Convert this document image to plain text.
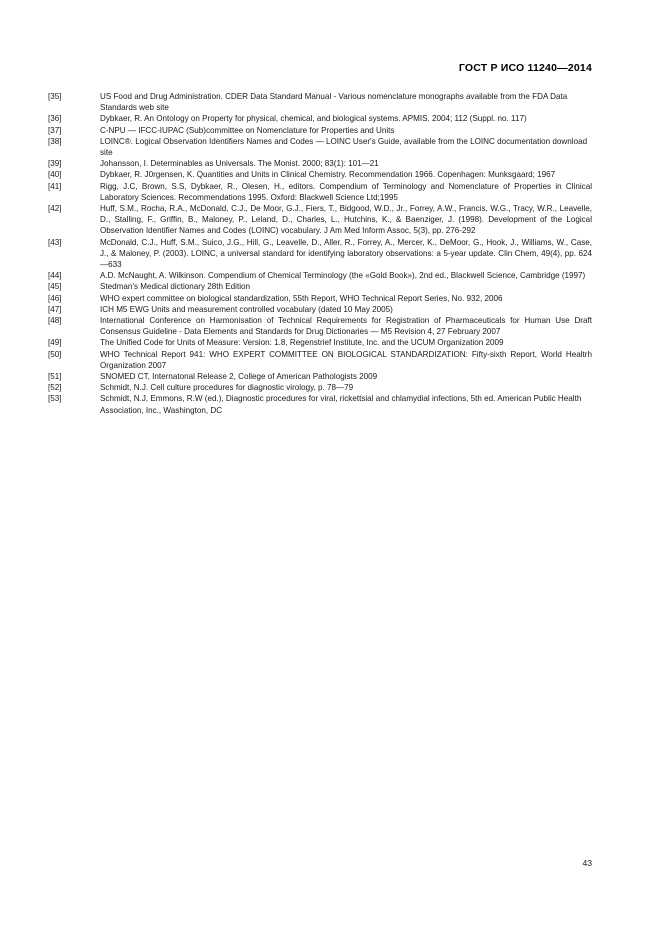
ГОСТ Р ИСО 11240—2014
[35]	US Food and Drug Administration. CDER Data Standard Manual - Various nomenclature monographs available from the FDA Data Standards web site
[36]	Dybkaer, R. An Ontology on Property for physical, chemical, and biological systems. APMIS. 2004; 112 (Suppl. no. 117)
[37]	C-NPU — IFCC-IUPAC (Sub)committee on Nomenclature for Properties and Units
[38]	LOINC®. Logical Observation Identifiers Names and Codes — LOINC User's Guide, available from the LOINC documentation download site
[39]	Johansson, I. Determinables as Universals. The Monist. 2000; 83(1): 101—21
[40]	Dybkaer, R. J0rgensen, K. Quantities and Units in Clinical Chemistry. Recommendation 1966. Copenhagen: Munksgaard; 1967
[41]	Rigg, J.C, Brown, S.S, Dybkaer, R., Olesen, H., editors. Compendium of Terminology and Nomenclature of Properties in Clinical Laboratory Sciences. Recommendations 1995. Oxford: Blackwell Science Ltd;1995
[42]	Huff, S.M., Rocha, R.A., McDonald, C.J., De Moor, G.J., Fiers, T., Bidgood, W.D., Jr., Forrey, A.W., Francis, W.G., Tracy, W.R., Leavelle, D., Stalling, F., Griffin, B., Maloney, P., Leland, D., Charles, L., Hutchins, K., & Baenziger, J. (1998). Development of the Logical Observation Identifier Names and Codes (LOINC) vocabulary. J Am Med Inform Assoc, 5(3), pp. 276-292
[43]	McDonald, C.J., Huff, S.M., Suico, J.G., Hill, G., Leavelle, D., Aller, R., Forrey, A., Mercer, K., DeMoor, G., Hook, J., Williams, W., Case, J., & Maloney, P. (2003). LOINC, a universal standard for identifying laboratory observations: a 5-year update. Clin Chem, 49(4), pp. 624—633
[44]	A.D. McNaught, A. Wilkinson. Compendium of Chemical Terminology (the «Gold Book»), 2nd ed., Blackwell Science, Cambridge (1997)
[45]	Stedman's Medical dictionary 28th Edition
[46]	WHO expert committee on biological standardization, 55th Report, WHO Technical Report Series, No. 932, 2006
[47]	ICH M5 EWG Units and measurement controlled vocabulary (dated 10 May 2005)
[48]	International Conference on Harmonisation of Technical Requirements for Registration of Pharmaceuticals for Human Use Draft Consensus Guideline - Data Elements and Standards for Drug Dictionaries — M5 Revision 4, 27 February 2007
[49]	The Unified Code for Units of Measure: Version: 1.8, Regenstrief Institute, Inc. and the UCUM Organization 2009
[50]	WHO Technical Report 941: WHO EXPERT COMMITTEE ON BIOLOGICAL STANDARDIZATION: Fifty-sixth Report, World Healtrh Organization 2007
[51]	SNOMED CT, Internatonal Release 2, College of American Pathologists 2009
[52]	Schmidt, N.J. Cell culture procedures for diagnostic virology, p. 78—79
[53]	Schmidt, N.J, Emmons, R.W (ed.), Diagnostic procedures for viral, rickettsial and chlamydial infections, 5th ed. American Public Health Association, Inc., Washington, DC
43
